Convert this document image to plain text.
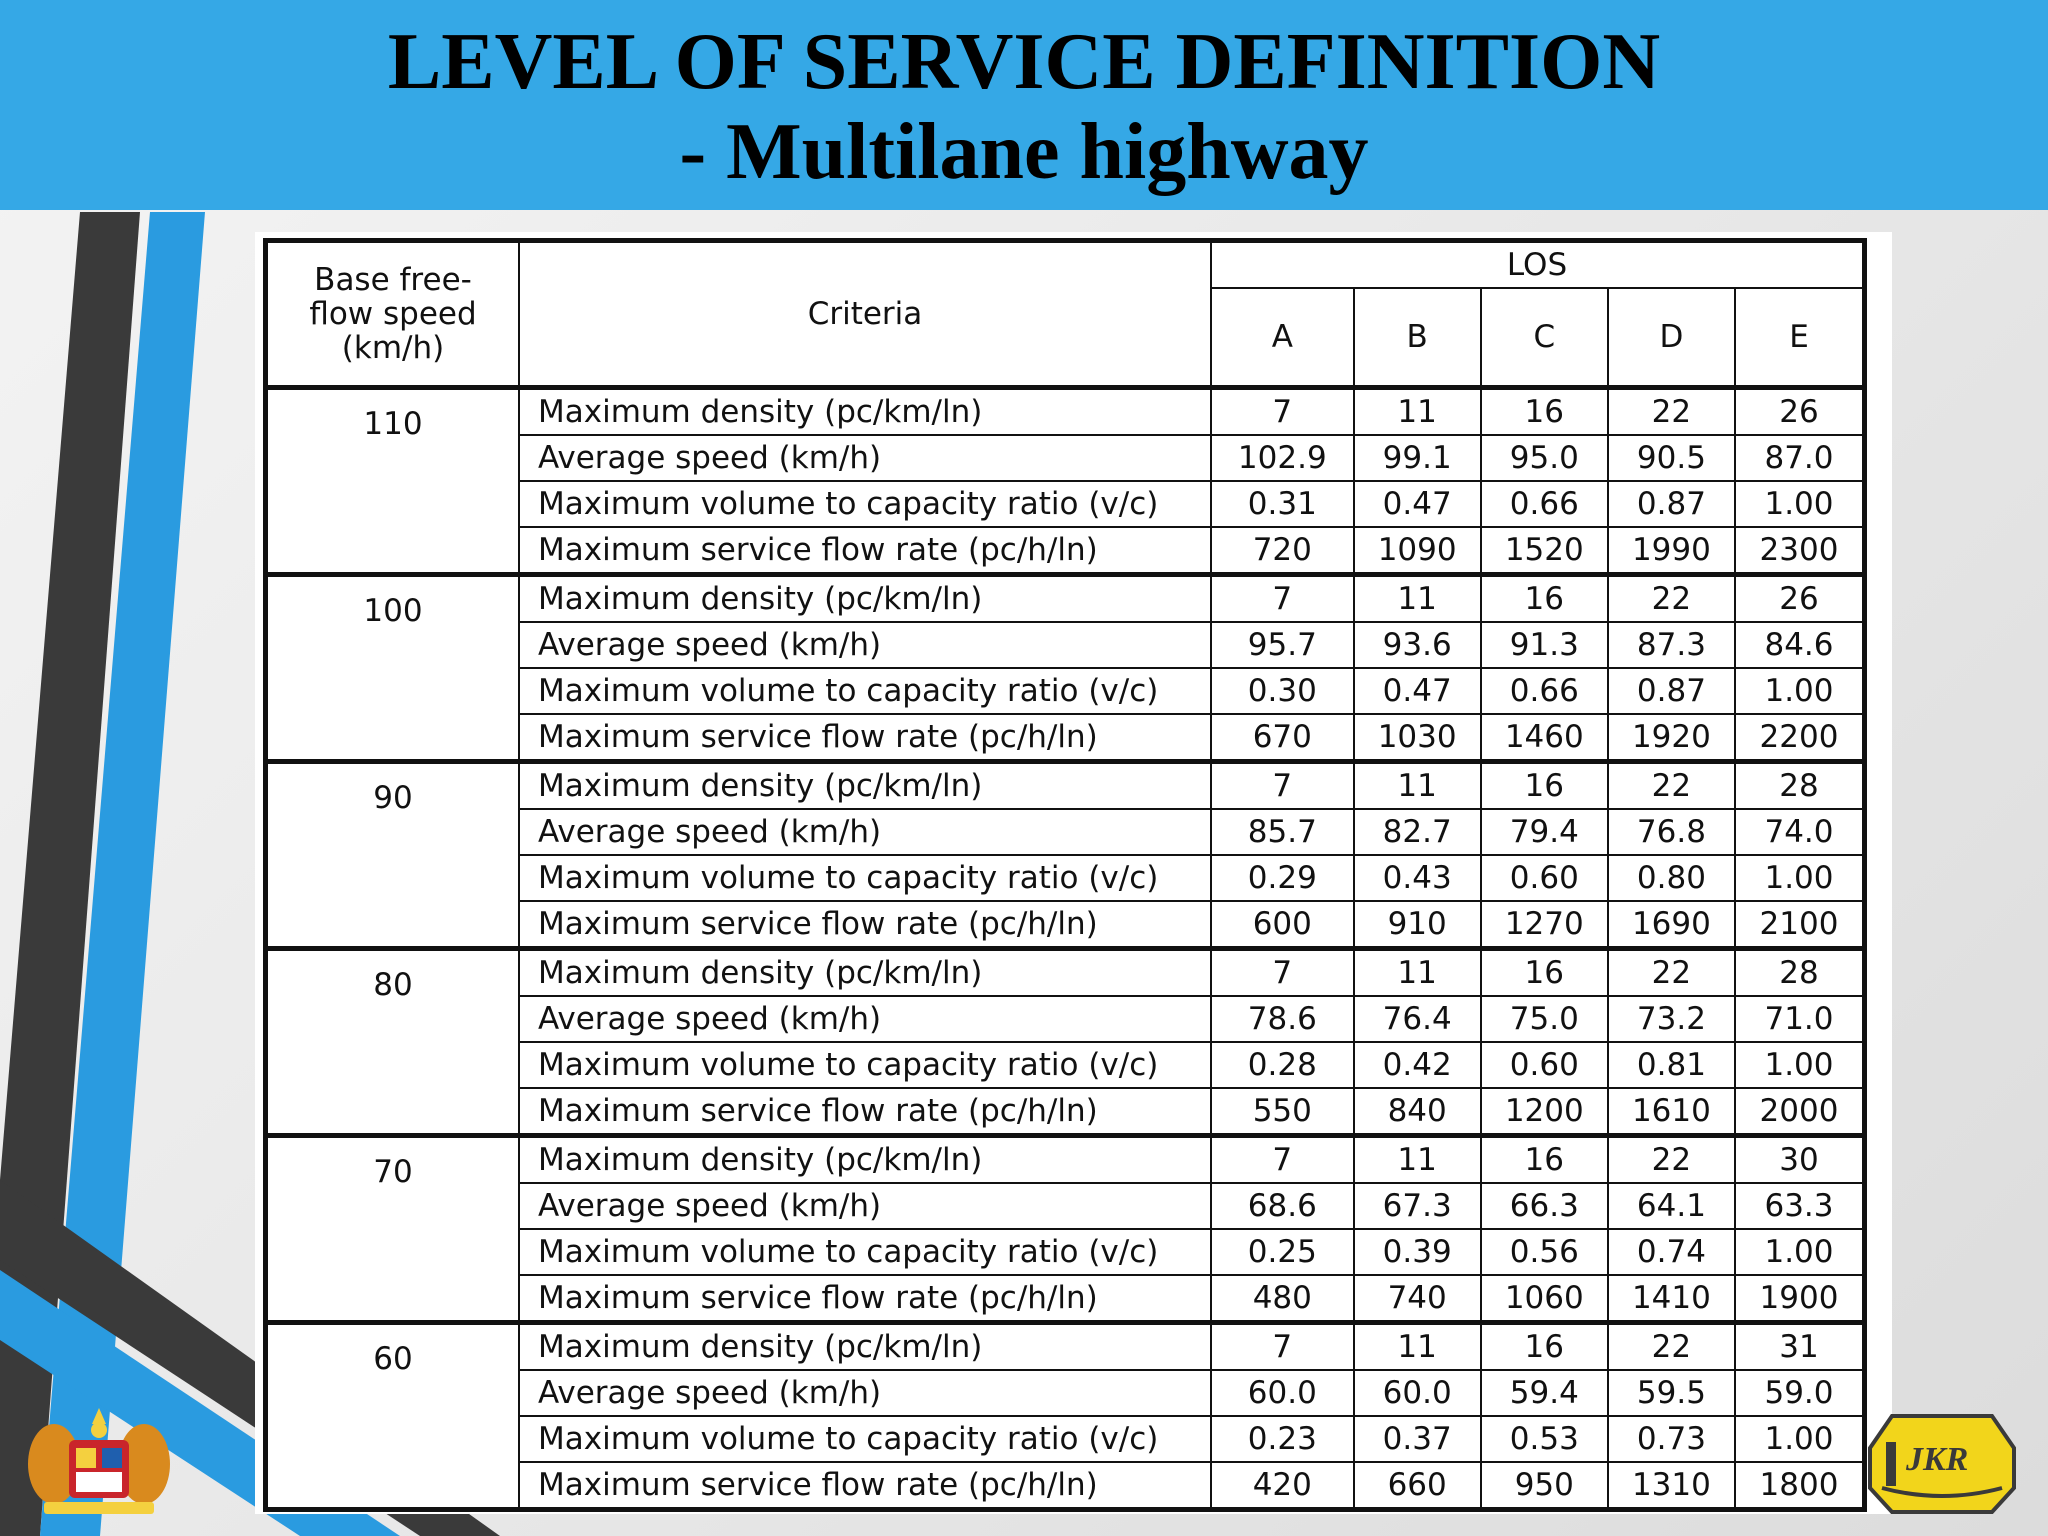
LEVEL OF SERVICE DEFINITION
- Multilane highway
Base free-flow speed (km/h)	Criteria	LOS				
		A	B	C	D	E
110	Maximum density (pc/km/ln)	7	11	16	22	26
	Average speed (km/h)	102.9	99.1	95.0	90.5	87.0
	Maximum volume to capacity ratio (v/c)	0.31	0.47	0.66	0.87	1.00
	Maximum service flow rate (pc/h/ln)	720	1090	1520	1990	2300
100	Maximum density (pc/km/ln)	7	11	16	22	26
	Average speed (km/h)	95.7	93.6	91.3	87.3	84.6
	Maximum volume to capacity ratio (v/c)	0.30	0.47	0.66	0.87	1.00
	Maximum service flow rate (pc/h/ln)	670	1030	1460	1920	2200
90	Maximum density (pc/km/ln)	7	11	16	22	28
	Average speed (km/h)	85.7	82.7	79.4	76.8	74.0
	Maximum volume to capacity ratio (v/c)	0.29	0.43	0.60	0.80	1.00
	Maximum service flow rate (pc/h/ln)	600	910	1270	1690	2100
80	Maximum density (pc/km/ln)	7	11	16	22	28
	Average speed (km/h)	78.6	76.4	75.0	73.2	71.0
	Maximum volume to capacity ratio (v/c)	0.28	0.42	0.60	0.81	1.00
	Maximum service flow rate (pc/h/ln)	550	840	1200	1610	2000
70	Maximum density (pc/km/ln)	7	11	16	22	30
	Average speed (km/h)	68.6	67.3	66.3	64.1	63.3
	Maximum volume to capacity ratio (v/c)	0.25	0.39	0.56	0.74	1.00
	Maximum service flow rate (pc/h/ln)	480	740	1060	1410	1900
60	Maximum density (pc/km/ln)	7	11	16	22	31
	Average speed (km/h)	60.0	60.0	59.4	59.5	59.0
	Maximum volume to capacity ratio (v/c)	0.23	0.37	0.53	0.73	1.00
	Maximum service flow rate (pc/h/ln)	420	660	950	1310	1800
JKR
